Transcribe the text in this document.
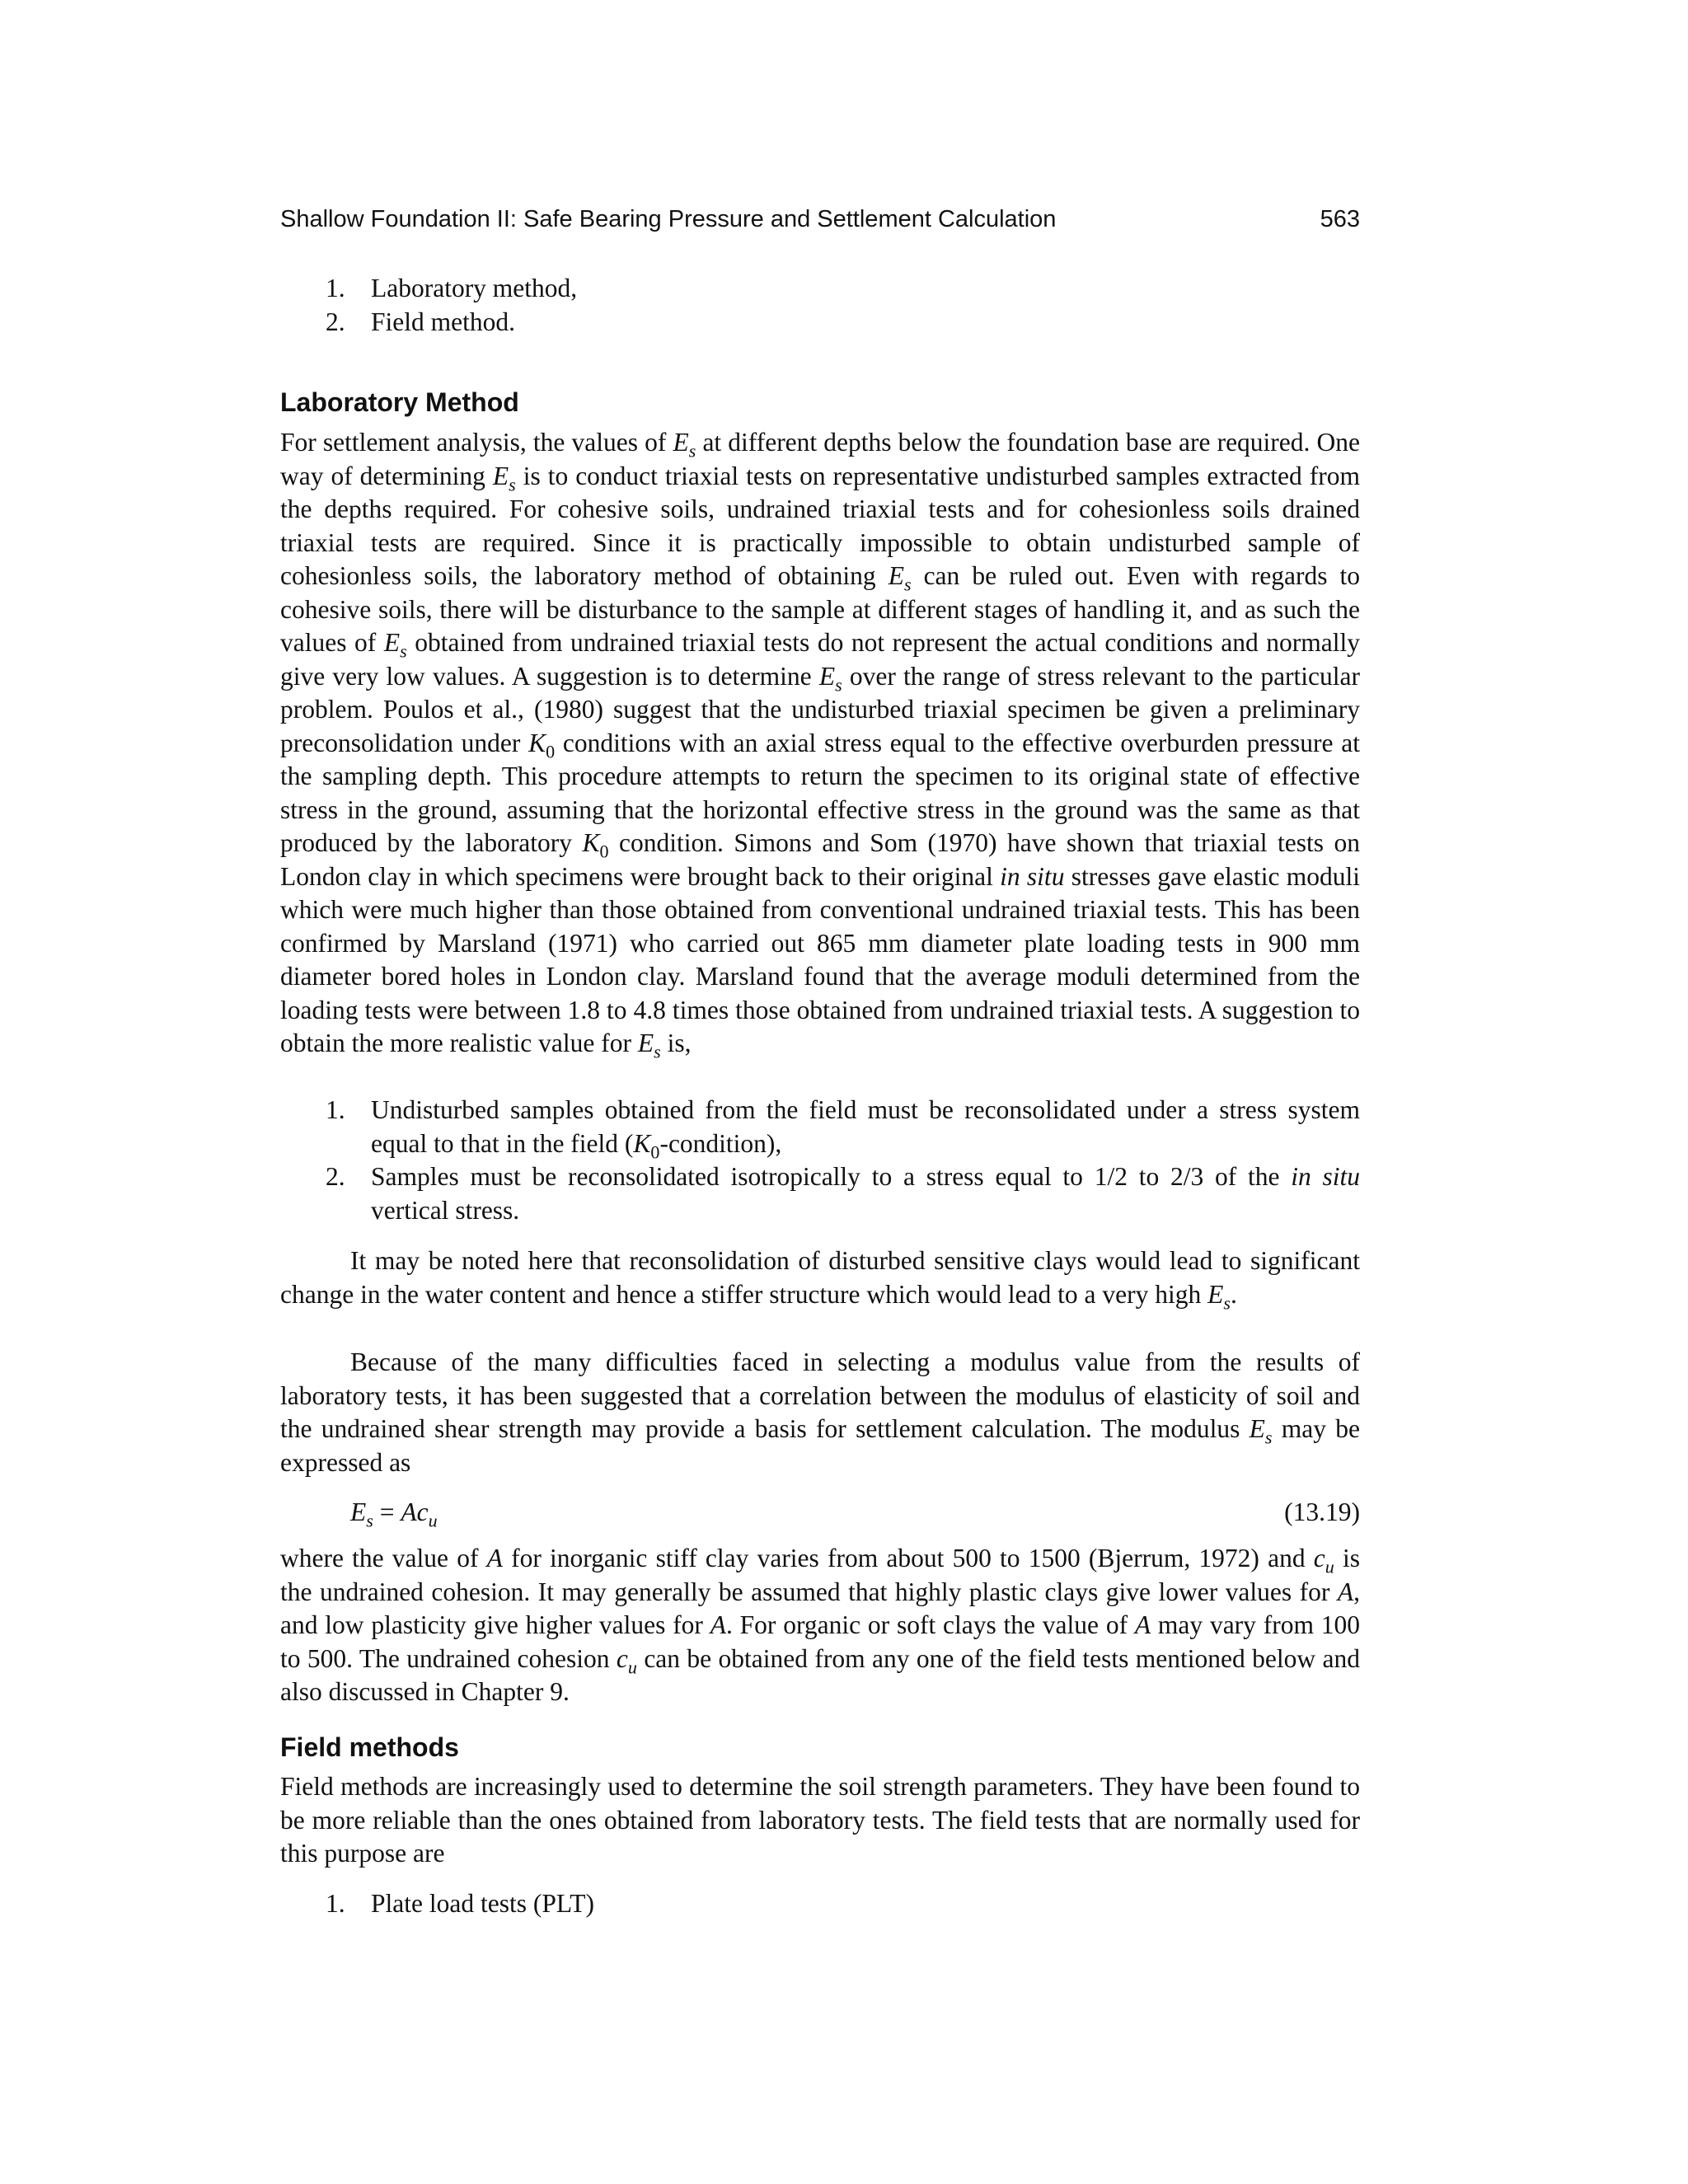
Shallow Foundation II: Safe Bearing Pressure and Settlement Calculation	563
1. Laboratory method,
2. Field method.
Laboratory Method

For settlement analysis, the values of $E_s$ at different depths below the foundation base are required. One way of determining $E_s$ is to conduct triaxial tests on representative undisturbed samples extracted from the depths required. For cohesive soils, undrained triaxial tests and for cohesionless soils drained triaxial tests are required. Since it is practically impossible to obtain undisturbed sample of cohesionless soils, the laboratory method of obtaining $E_s$ can be ruled out. Even with regards to cohesive soils, there will be disturbance to the sample at different stages of handling it, and as such the values of $E_s$ obtained from undrained triaxial tests do not represent the actual conditions and normally give very low values. A suggestion is to determine $E_s$ over the range of stress relevant to the particular problem. Poulos et al., (1980) suggest that the undisturbed triaxial specimen be given a preliminary preconsolidation under $K_0$ conditions with an axial stress equal to the effective overburden pressure at the sampling depth. This procedure attempts to return the specimen to its original state of effective stress in the ground, assuming that the horizontal effective stress in the ground was the same as that produced by the laboratory $K_0$ condition. Simons and Som (1970) have shown that triaxial tests on London clay in which specimens were brought back to their original in situ stresses gave elastic moduli which were much higher than those obtained from conventional undrained triaxial tests. This has been confirmed by Marsland (1971) who carried out 865 mm diameter plate loading tests in 900 mm diameter bored holes in London clay. Marsland found that the average moduli determined from the loading tests were between 1.8 to 4.8 times those obtained from undrained triaxial tests. A suggestion to obtain the more realistic value for $E_s$ is,

1. Undisturbed samples obtained from the field must be reconsolidated under a stress system equal to that in the field $(K_0-condition)$,
2. Samples must be reconsolidated isotropically to a stress equal to 1/2 to 2/3 of the in situ vertical stress.

It may be noted here that reconsolidation of disturbed sensitive clays would lead to significant change in the water content and hence a stiffer structure which would lead to a very high $E_s$.

Because of the many difficulties faced in selecting a modulus value from the results of laboratory tests, it has been suggested that a correlation between the modulus of elasticity of soil and the undrained shear strength may provide a basis for settlement calculation. The modulus $E_s$ may be expressed as

$E_s = Ac_u$	(13.19)

where the value of A for inorganic stiff clay varies from about 500 to 1500 (Bjerrum, 1972) and $c_u$ is the undrained cohesion. It may generally be assumed that highly plastic clays give lower values for A, and low plasticity give higher values for A. For organic or soft clays the value of A may vary from 100 to 500. The undrained cohesion $c_u$ can be obtained from any one of the field tests mentioned below and also discussed in Chapter 9.

Field methods

Field methods are increasingly used to determine the soil strength parameters. They have been found to be more reliable than the ones obtained from laboratory tests. The field tests that are normally used for this purpose are

1. Plate load tests (PLT)
